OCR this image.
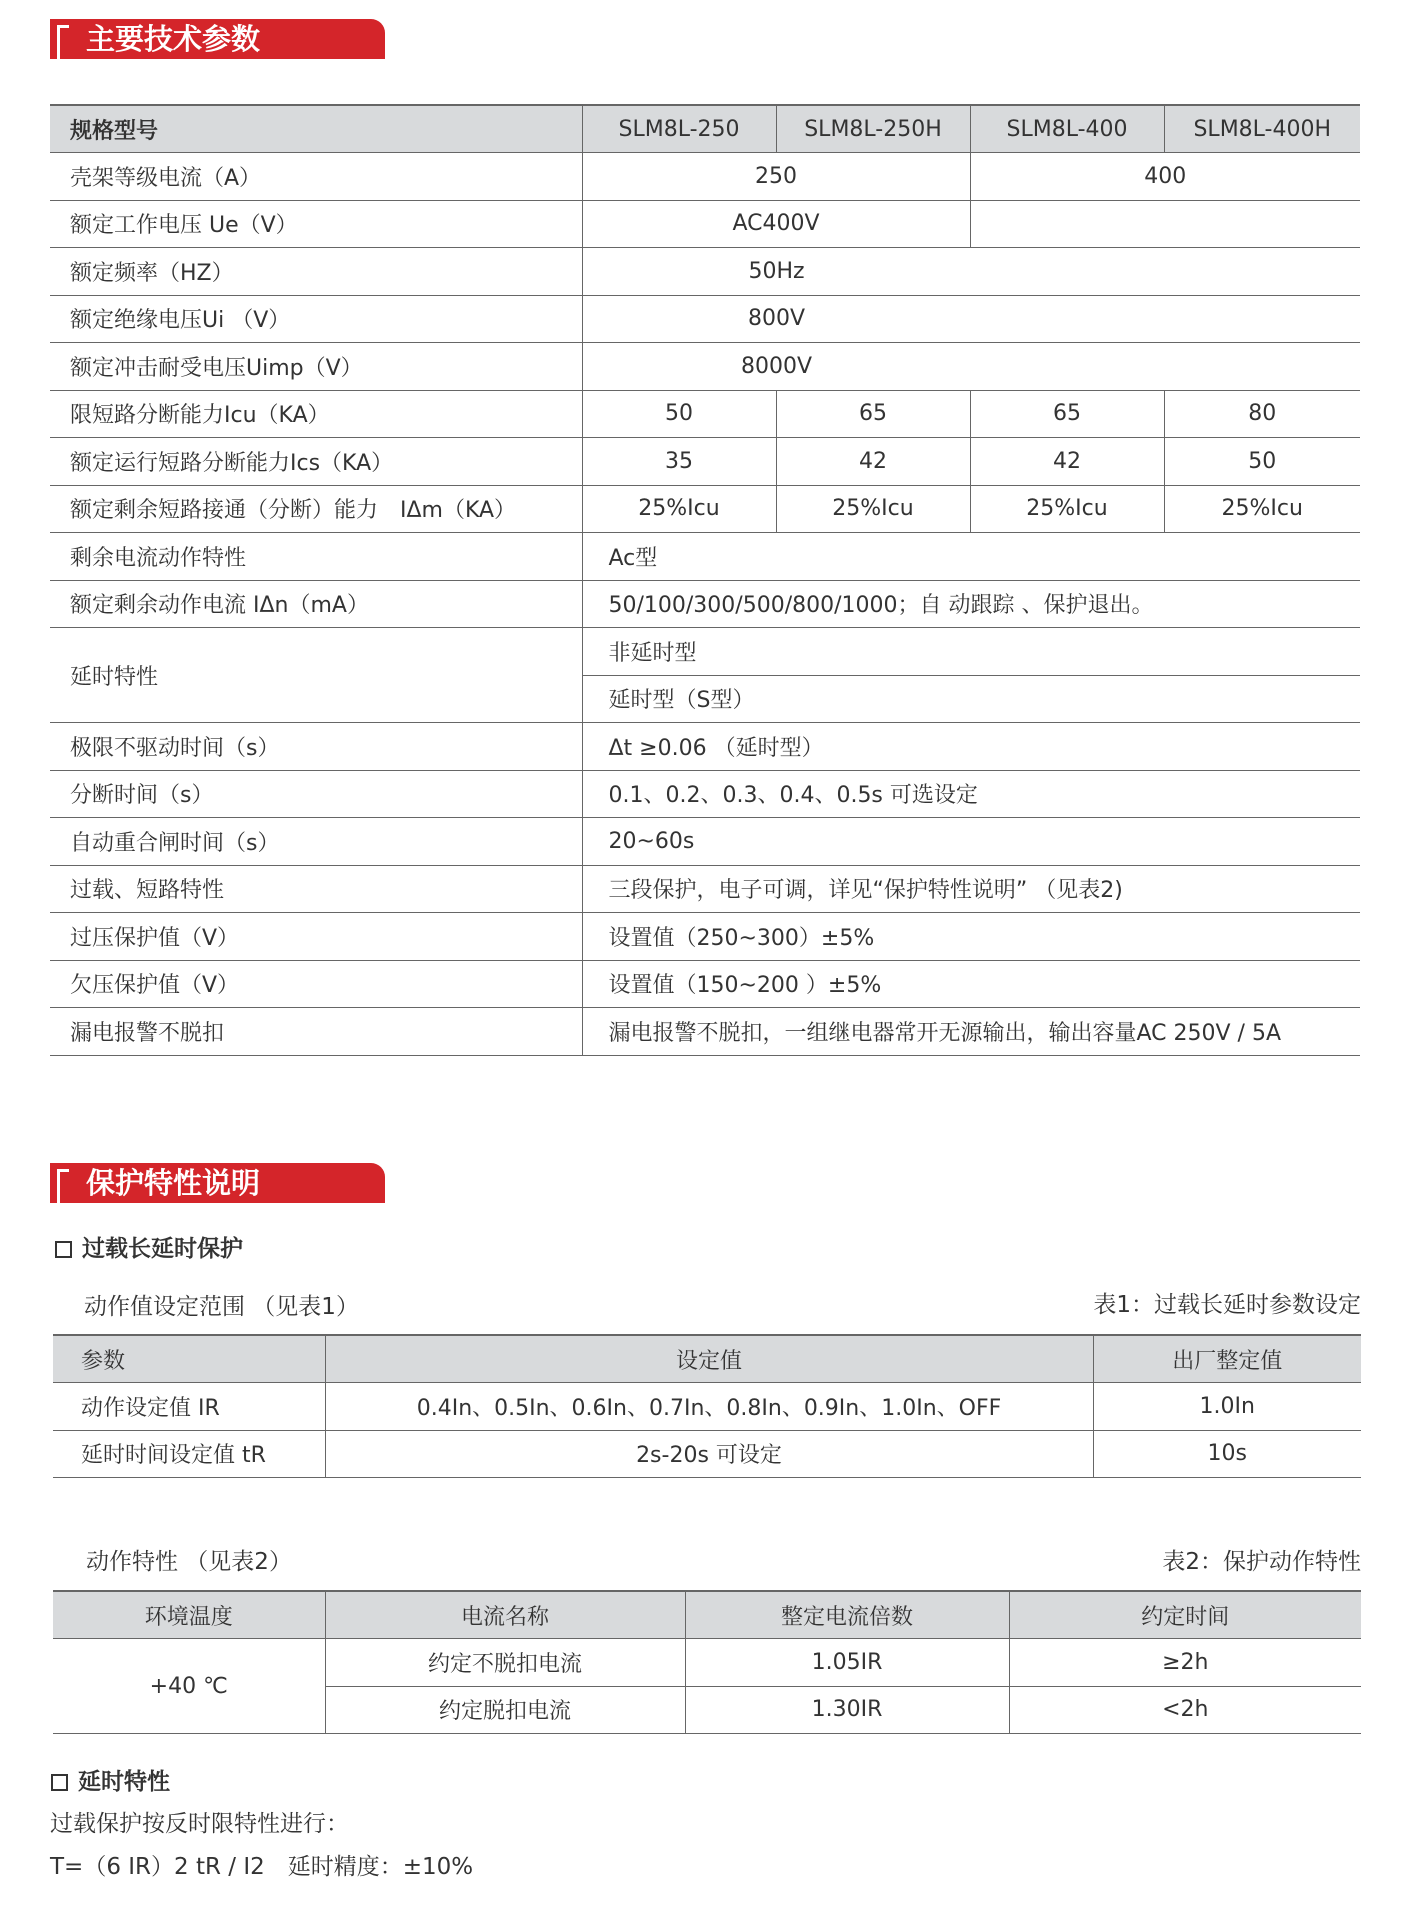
主要技术参数
规格型号	SLM8L-250	SLM8L-250H	SLM8L-400	SLM8L-400H
壳架等级电流（A）	250		400	
额定工作电压 Ue（V）	AC400V			
额定频率（HZ）	50Hz			

额定绝缘电压Ui （V）	800V			

额定冲击耐受电压Uimp（V）	8000V			

限短路分断能力Icu（KA）	50	65	65	80
额定运行短路分断能力Ics（KA）	35	42	42	50
额定剩余短路接通（分断）能力　IΔm（KA）	25%Icu	25%Icu	25%Icu	25%Icu
剩余电流动作特性	Ac型			
额定剩余动作电流 IΔn（mA）	50/100/300/500/800/1000；自 动跟踪 、保护退出。			
延时特性	非延时型			
	延时型（S型）			
极限不驱动时间（s）	Δt ≥0.06 （延时型）			
分断时间（s）	0.1、0.2、0.3、0.4、0.5s 可选设定			
自动重合闸时间（s）	20~60s			
过载、短路特性	三段保护，电子可调，详见“保护特性说明” （见表2)			
过压保护值（V）	设置值（250~300）±5%			
欠压保护值（V）	设置值（150~200 ）±5%			
漏电报警不脱扣	漏电报警不脱扣，一组继电器常开无源输出，输出容量AC 250V / 5A			
保护特性说明
过载长延时保护
动作值设定范围 （见表1）	表1：过载长延时参数设定
参数	设定值	出厂整定值
动作设定值 IR	0.4In、0.5In、0.6In、0.7In、0.8In、0.9In、1.0In、OFF	1.0In
延时时间设定值 tR	2s-20s 可设定	10s
动作特性 （见表2）	表2：保护动作特性
环境温度	电流名称	整定电流倍数	约定时间
+40 ℃	约定不脱扣电流	1.05IR	≥2h
	约定脱扣电流	1.30IR	<2h
延时特性
过载保护按反时限特性进行：
T=（6 IR）2 tR / I2　延时精度：±10%
